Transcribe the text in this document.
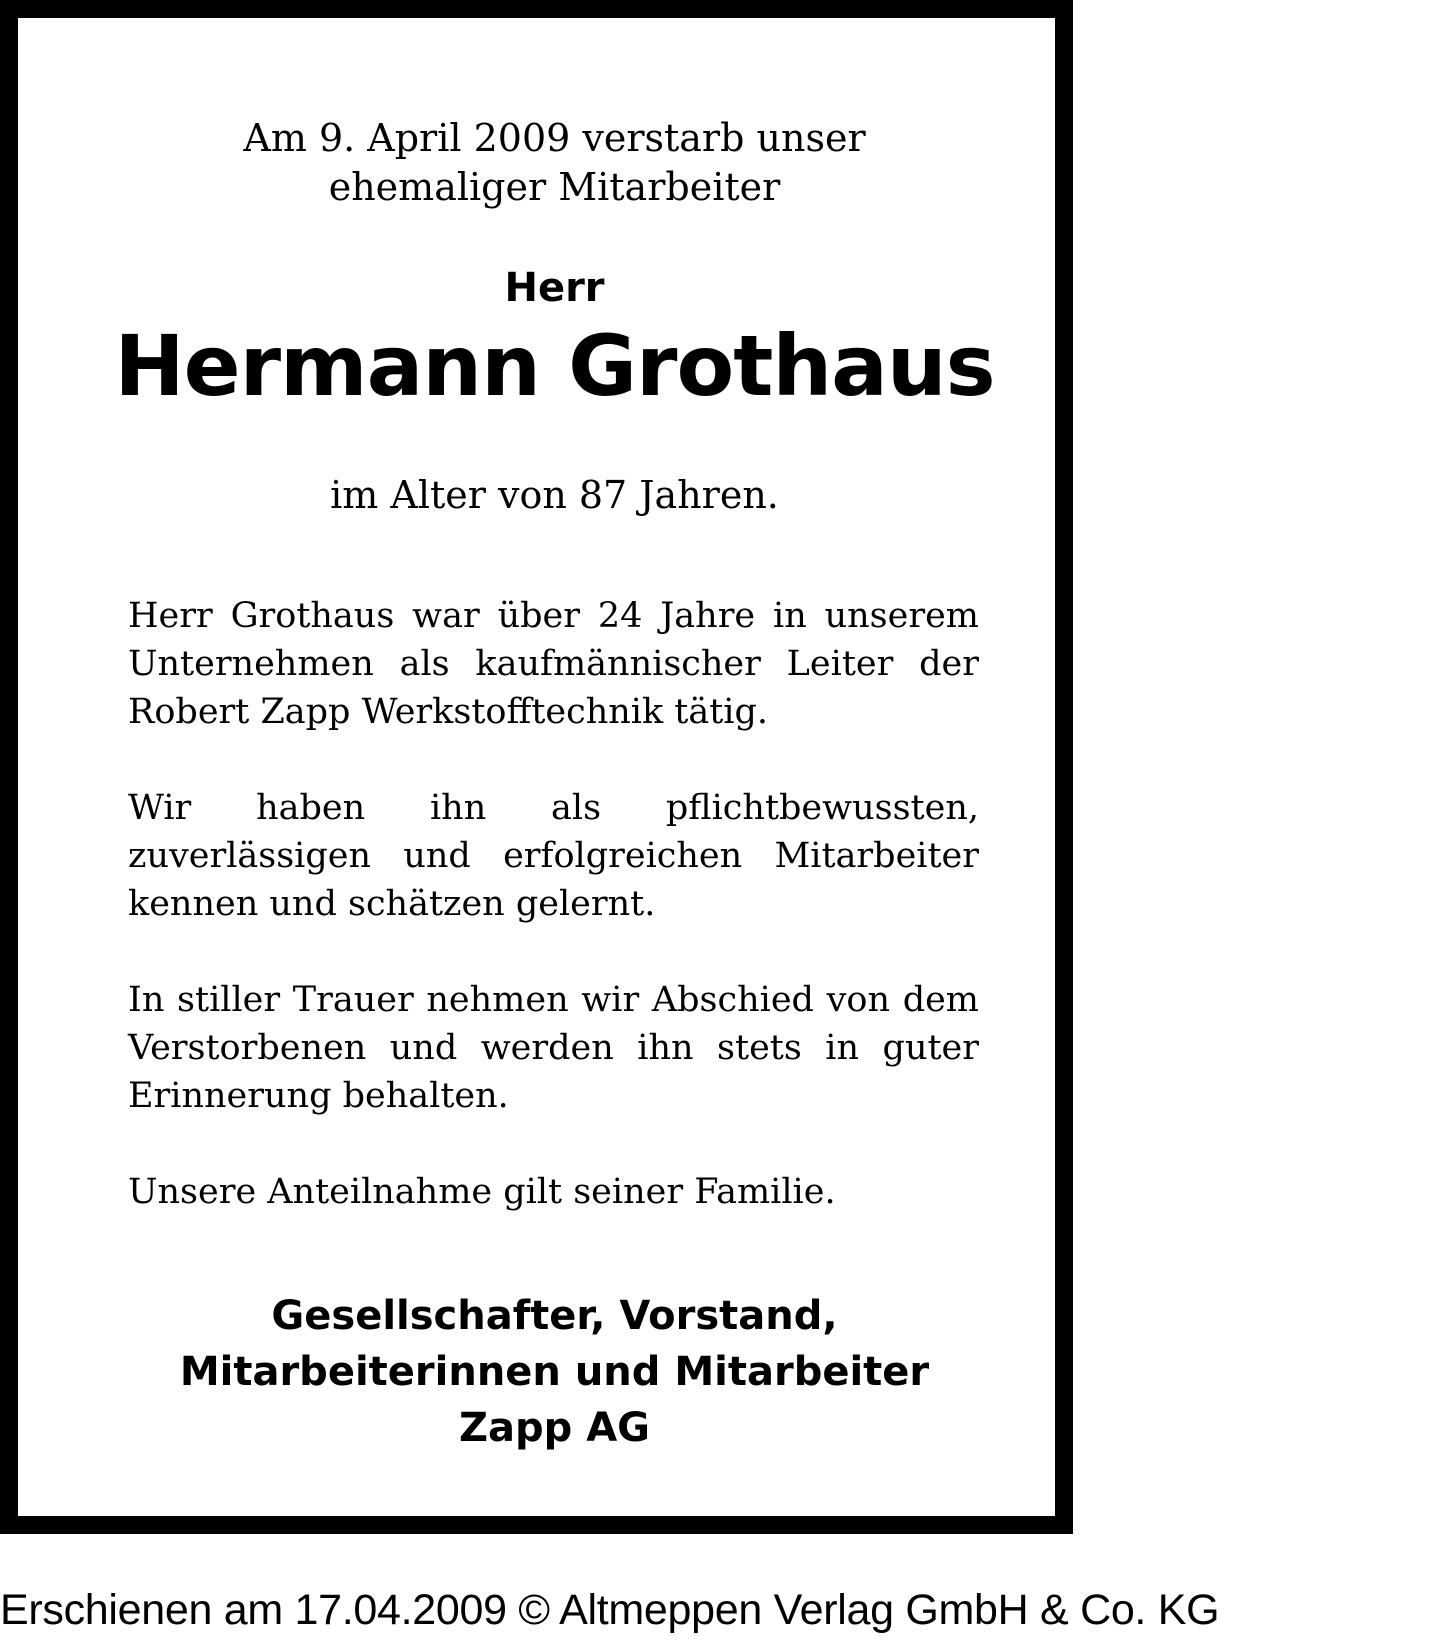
Am 9. April 2009 verstarb unser
ehemaliger Mitarbeiter

Herr

Hermann Grothaus

im Alter von 87 Jahren.

Herr Grothaus war über 24 Jahre in unserem Unternehmen als kaufmännischer Leiter der Robert Zapp Werkstofftechnik tätig.

Wir haben ihn als pflichtbewussten, zuverlässigen und erfolgreichen Mitarbeiter kennen und schätzen gelernt.

In stiller Trauer nehmen wir Abschied von dem Verstorbenen und werden ihn stets in guter Erinnerung behalten.

Unsere Anteilnahme gilt seiner Familie.

Gesellschafter, Vorstand,
Mitarbeiterinnen und Mitarbeiter
Zapp AG

Erschienen am 17.04.2009 © Altmeppen Verlag GmbH & Co. KG
